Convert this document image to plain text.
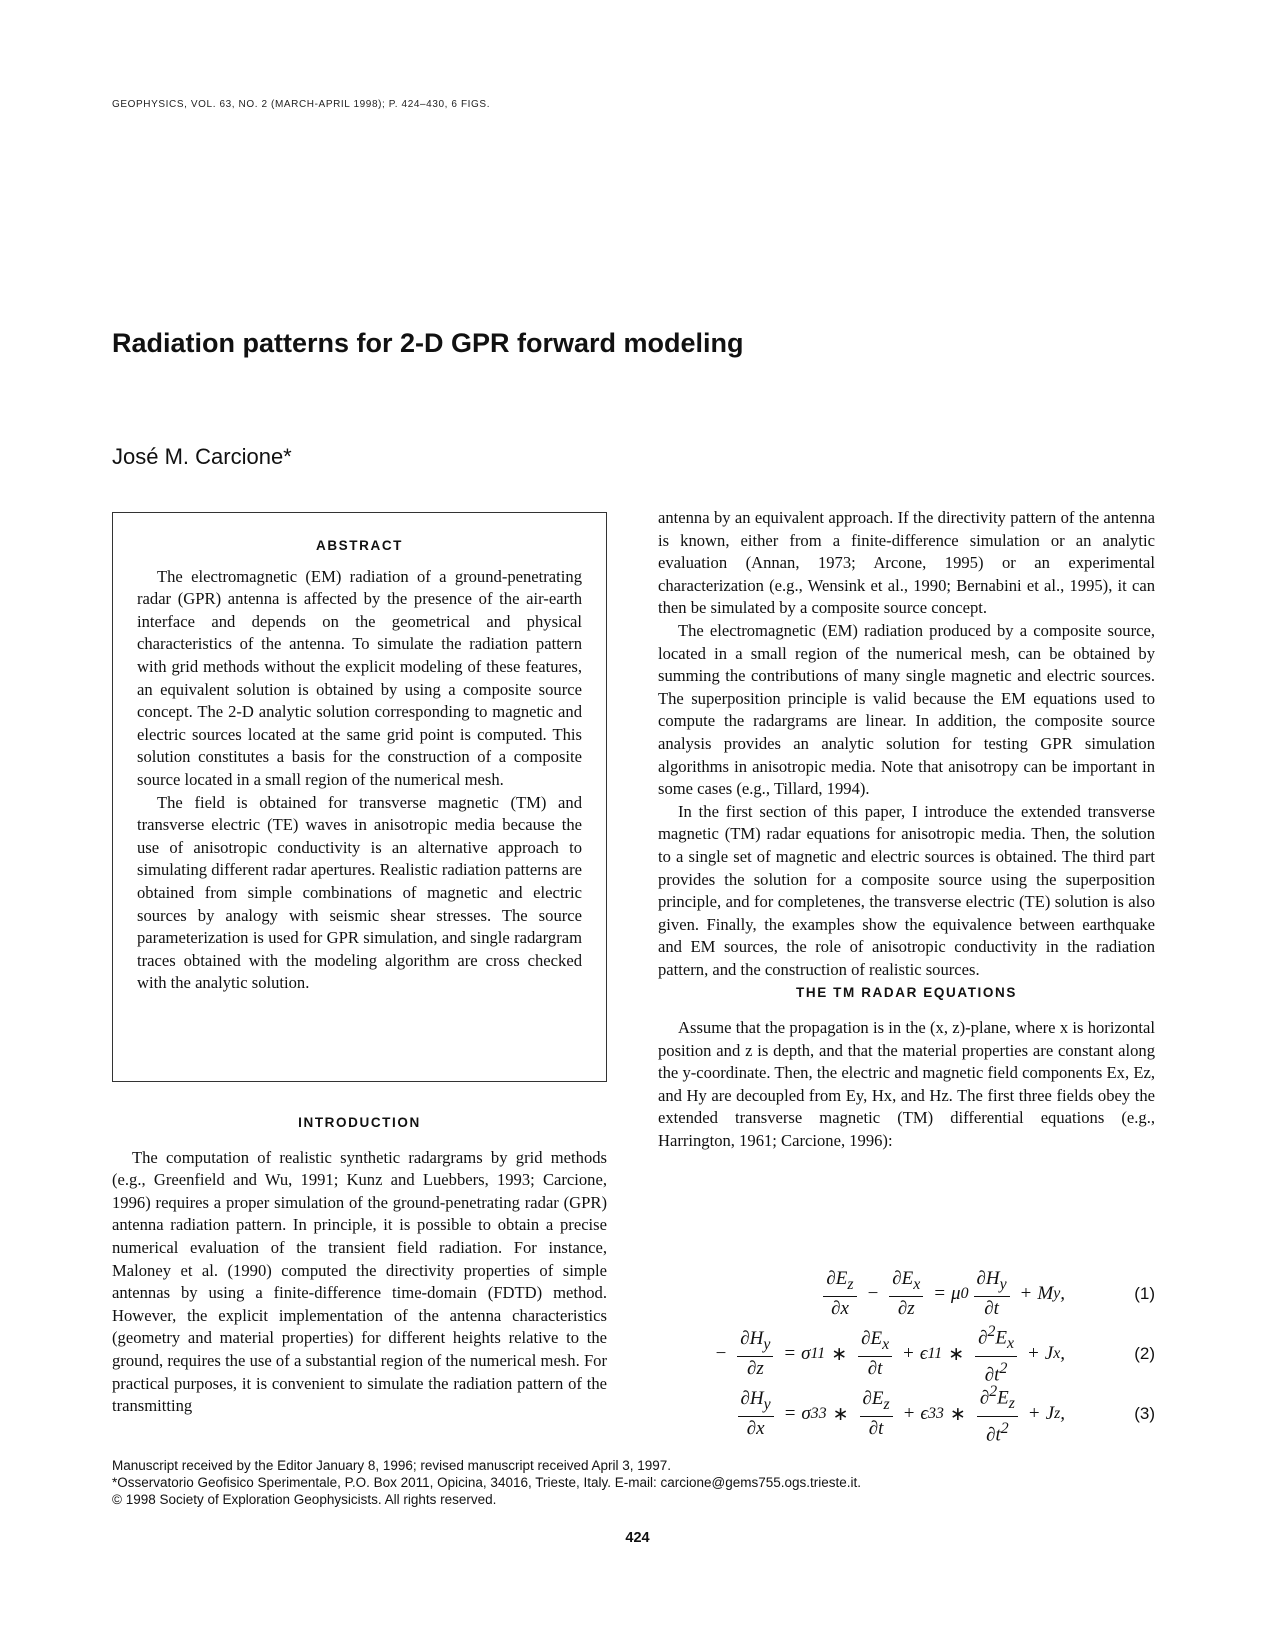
GEOPHYSICS, VOL. 63, NO. 2 (MARCH-APRIL 1998); P. 424–430, 6 FIGS.
Radiation patterns for 2-D GPR forward modeling
José M. Carcione*
ABSTRACT

The electromagnetic (EM) radiation of a ground-penetrating radar (GPR) antenna is affected by the presence of the air-earth interface and depends on the geometrical and physical characteristics of the antenna. To simulate the radiation pattern with grid methods without the explicit modeling of these features, an equivalent solution is obtained by using a composite source concept. The 2-D analytic solution corresponding to magnetic and electric sources located at the same grid point is computed. This solution constitutes a basis for the construction of a composite source located in a small region of the numerical mesh.

The field is obtained for transverse magnetic (TM) and transverse electric (TE) waves in anisotropic media because the use of anisotropic conductivity is an alternative approach to simulating different radar apertures. Realistic radiation patterns are obtained from simple combinations of magnetic and electric sources by analogy with seismic shear stresses. The source parameterization is used for GPR simulation, and single radargram traces obtained with the modeling algorithm are cross checked with the analytic solution.

INTRODUCTION

The computation of realistic synthetic radargrams by grid methods (e.g., Greenfield and Wu, 1991; Kunz and Luebbers, 1993; Carcione, 1996) requires a proper simulation of the ground-penetrating radar (GPR) antenna radiation pattern. In principle, it is possible to obtain a precise numerical evaluation of the transient field radiation. For instance, Maloney et al. (1990) computed the directivity properties of simple antennas by using a finite-difference time-domain (FDTD) method. However, the explicit implementation of the antenna characteristics (geometry and material properties) for different heights relative to the ground, requires the use of a substantial region of the numerical mesh. For practical purposes, it is convenient to simulate the radiation pattern of the transmitting

antenna by an equivalent approach. If the directivity pattern of the antenna is known, either from a finite-difference simulation or an analytic evaluation (Annan, 1973; Arcone, 1995) or an experimental characterization (e.g., Wensink et al., 1990; Bernabini et al., 1995), it can then be simulated by a composite source concept.

The electromagnetic (EM) radiation produced by a composite source, located in a small region of the numerical mesh, can be obtained by summing the contributions of many single magnetic and electric sources. The superposition principle is valid because the EM equations used to compute the radargrams are linear. In addition, the composite source analysis provides an analytic solution for testing GPR simulation algorithms in anisotropic media. Note that anisotropy can be important in some cases (e.g., Tillard, 1994).

In the first section of this paper, I introduce the extended transverse magnetic (TM) radar equations for anisotropic media. Then, the solution to a single set of magnetic and electric sources is obtained. The third part provides the solution for a composite source using the superposition principle, and for completenes, the transverse electric (TE) solution is also given. Finally, the examples show the equivalence between earthquake and EM sources, the role of anisotropic conductivity in the radiation pattern, and the construction of realistic sources.

THE TM RADAR EQUATIONS

Assume that the propagation is in the (x, z)-plane, where x is horizontal position and z is depth, and that the material properties are constant along the y-coordinate. Then, the electric and magnetic field components Ex, Ez, and Hy are decoupled from Ey, Hx, and Hz. The first three fields obey the extended transverse magnetic (TM) differential equations (e.g., Harrington, 1961; Carcione, 1996):

$\frac{\partial E_z}{\partial x} - \frac{\partial E_x}{\partial z} = \mu$ $0 \frac{\partial H_y}{\partial t} + M$ y ,	(1)
− $\frac{\partial H_y}{\partial z} = \sigma$ 11 ∗ $\frac{\partial E_x}{\partial t} + \epsilon$ 11 ∗ $\frac{\partial^2E_x}{\partial t^2} + J$ x ,	(2)
$\frac{\partial H_y}{\partial x} = \sigma$ 33 ∗ $\frac{\partial E_z}{\partial t} + \epsilon$ 33 ∗ $\frac{\partial^2E_z}{\partial t^2} + J$ z ,	(3)
Manuscript received by the Editor January 8, 1996; revised manuscript received April 3, 1997.
*Osservatorio Geofisico Sperimentale, P.O. Box 2011, Opicina, 34016, Trieste, Italy. E-mail: carcione@gems755.ogs.trieste.it.
© 1998 Society of Exploration Geophysicists. All rights reserved.
424
